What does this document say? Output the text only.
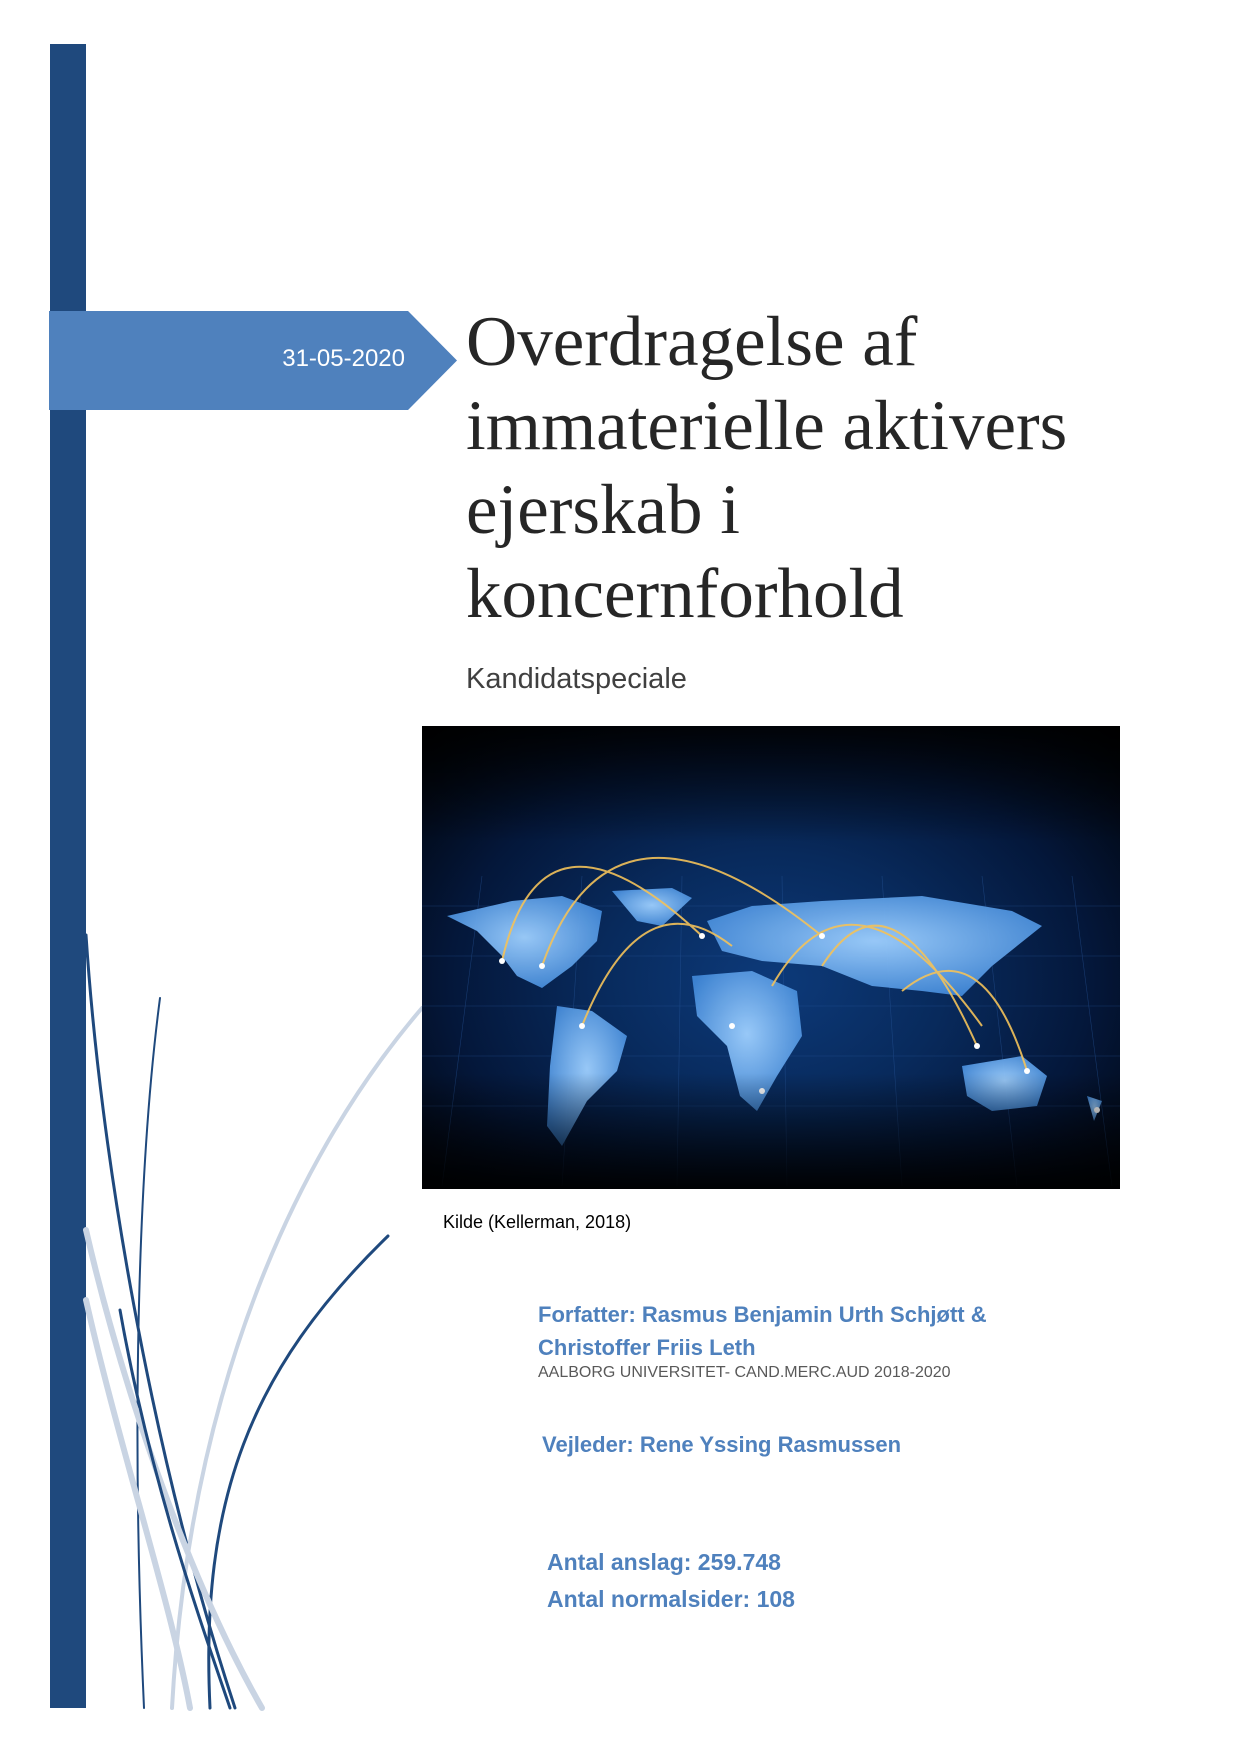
31-05-2020 Overdragelse af
immaterielle aktivers
ejerskab i
koncernforhold
Kandidatspeciale
Kilde (Kellerman, 2018)
Forfatter: Rasmus Benjamin Urth Schjøtt &
Christoffer Friis Leth
AALBORG UNIVERSITET- CAND.MERC.AUD 2018-2020
Vejleder: Rene Yssing Rasmussen
Antal anslag: 259.748
Antal normalsider: 108
